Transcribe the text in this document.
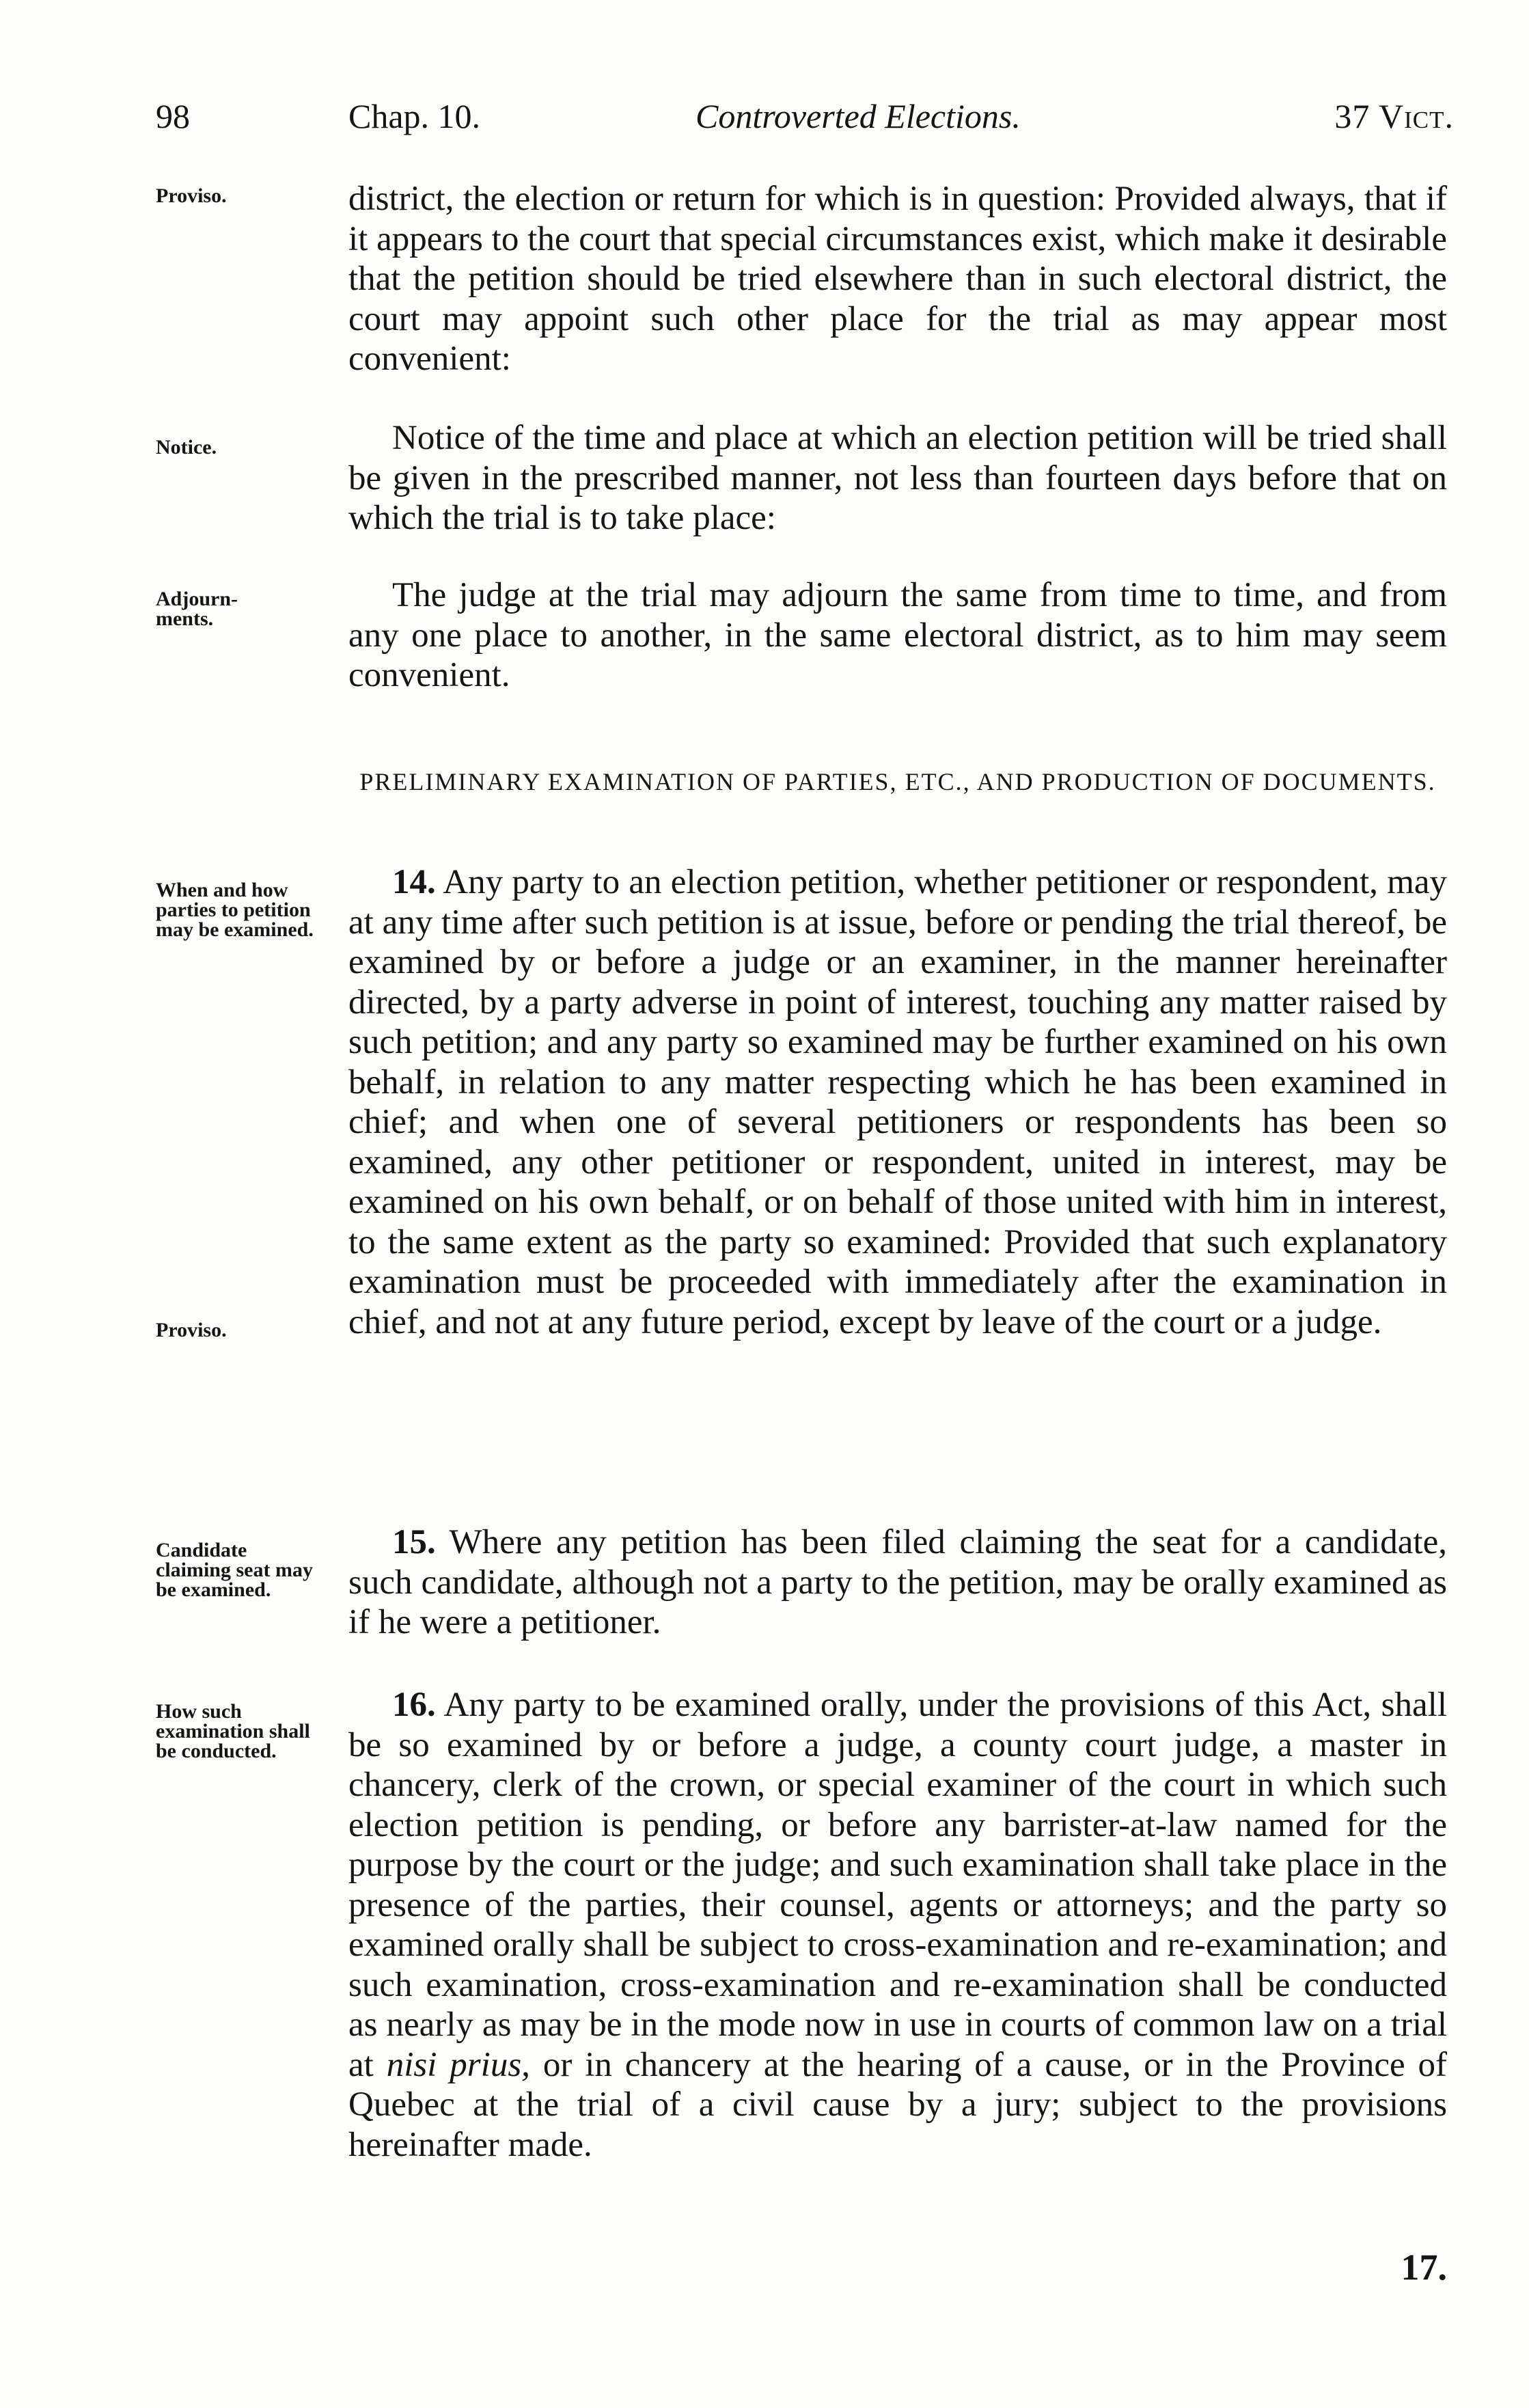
98	Chap. 10.	Controverted Elections.	37 Vict.
Proviso.
Notice.
Adjournments.
When and how parties to petition may be examined.
Proviso.
Candidate claiming seat may be examined.
How such examination shall be conducted.

district, the election or return for which is in question: Provided always, that if it appears to the court that special circumstances exist, which make it desirable that the petition should be tried elsewhere than in such electoral district, the court may appoint such other place for the trial as may appear most convenient:

Notice of the time and place at which an election petition will be tried shall be given in the prescribed manner, not less than fourteen days before that on which the trial is to take place:

The judge at the trial may adjourn the same from time to time, and from any one place to another, in the same electoral district, as to him may seem convenient.

PRELIMINARY EXAMINATION OF PARTIES, ETC., AND PRODUCTION OF DOCUMENTS.

14. Any party to an election petition, whether petitioner or respondent, may at any time after such petition is at issue, before or pending the trial thereof, be examined by or before a judge or an examiner, in the manner hereinafter directed, by a party adverse in point of interest, touching any matter raised by such petition; and any party so examined may be further examined on his own behalf, in relation to any matter respecting which he has been examined in chief; and when one of several petitioners or respondents has been so examined, any other petitioner or respondent, united in interest, may be examined on his own behalf, or on behalf of those united with him in interest, to the same extent as the party so examined: Provided that such explanatory examination must be proceeded with immediately after the examination in chief, and not at any future period, except by leave of the court or a judge.

15. Where any petition has been filed claiming the seat for a candidate, such candidate, although not a party to the petition, may be orally examined as if he were a petitioner.

16. Any party to be examined orally, under the provisions of this Act, shall be so examined by or before a judge, a county court judge, a master in chancery, clerk of the crown, or special examiner of the court in which such election petition is pending, or before any barrister-at-law named for the purpose by the court or the judge; and such examination shall take place in the presence of the parties, their counsel, agents or attorneys; and the party so examined orally shall be subject to cross-examination and re-examination; and such examination, cross-examination and re-examination shall be conducted as nearly as may be in the mode now in use in courts of common law on a trial at nisi prius, or in chancery at the hearing of a cause, or in the Province of Quebec at the trial of a civil cause by a jury; subject to the provisions hereinafter made.

17.
